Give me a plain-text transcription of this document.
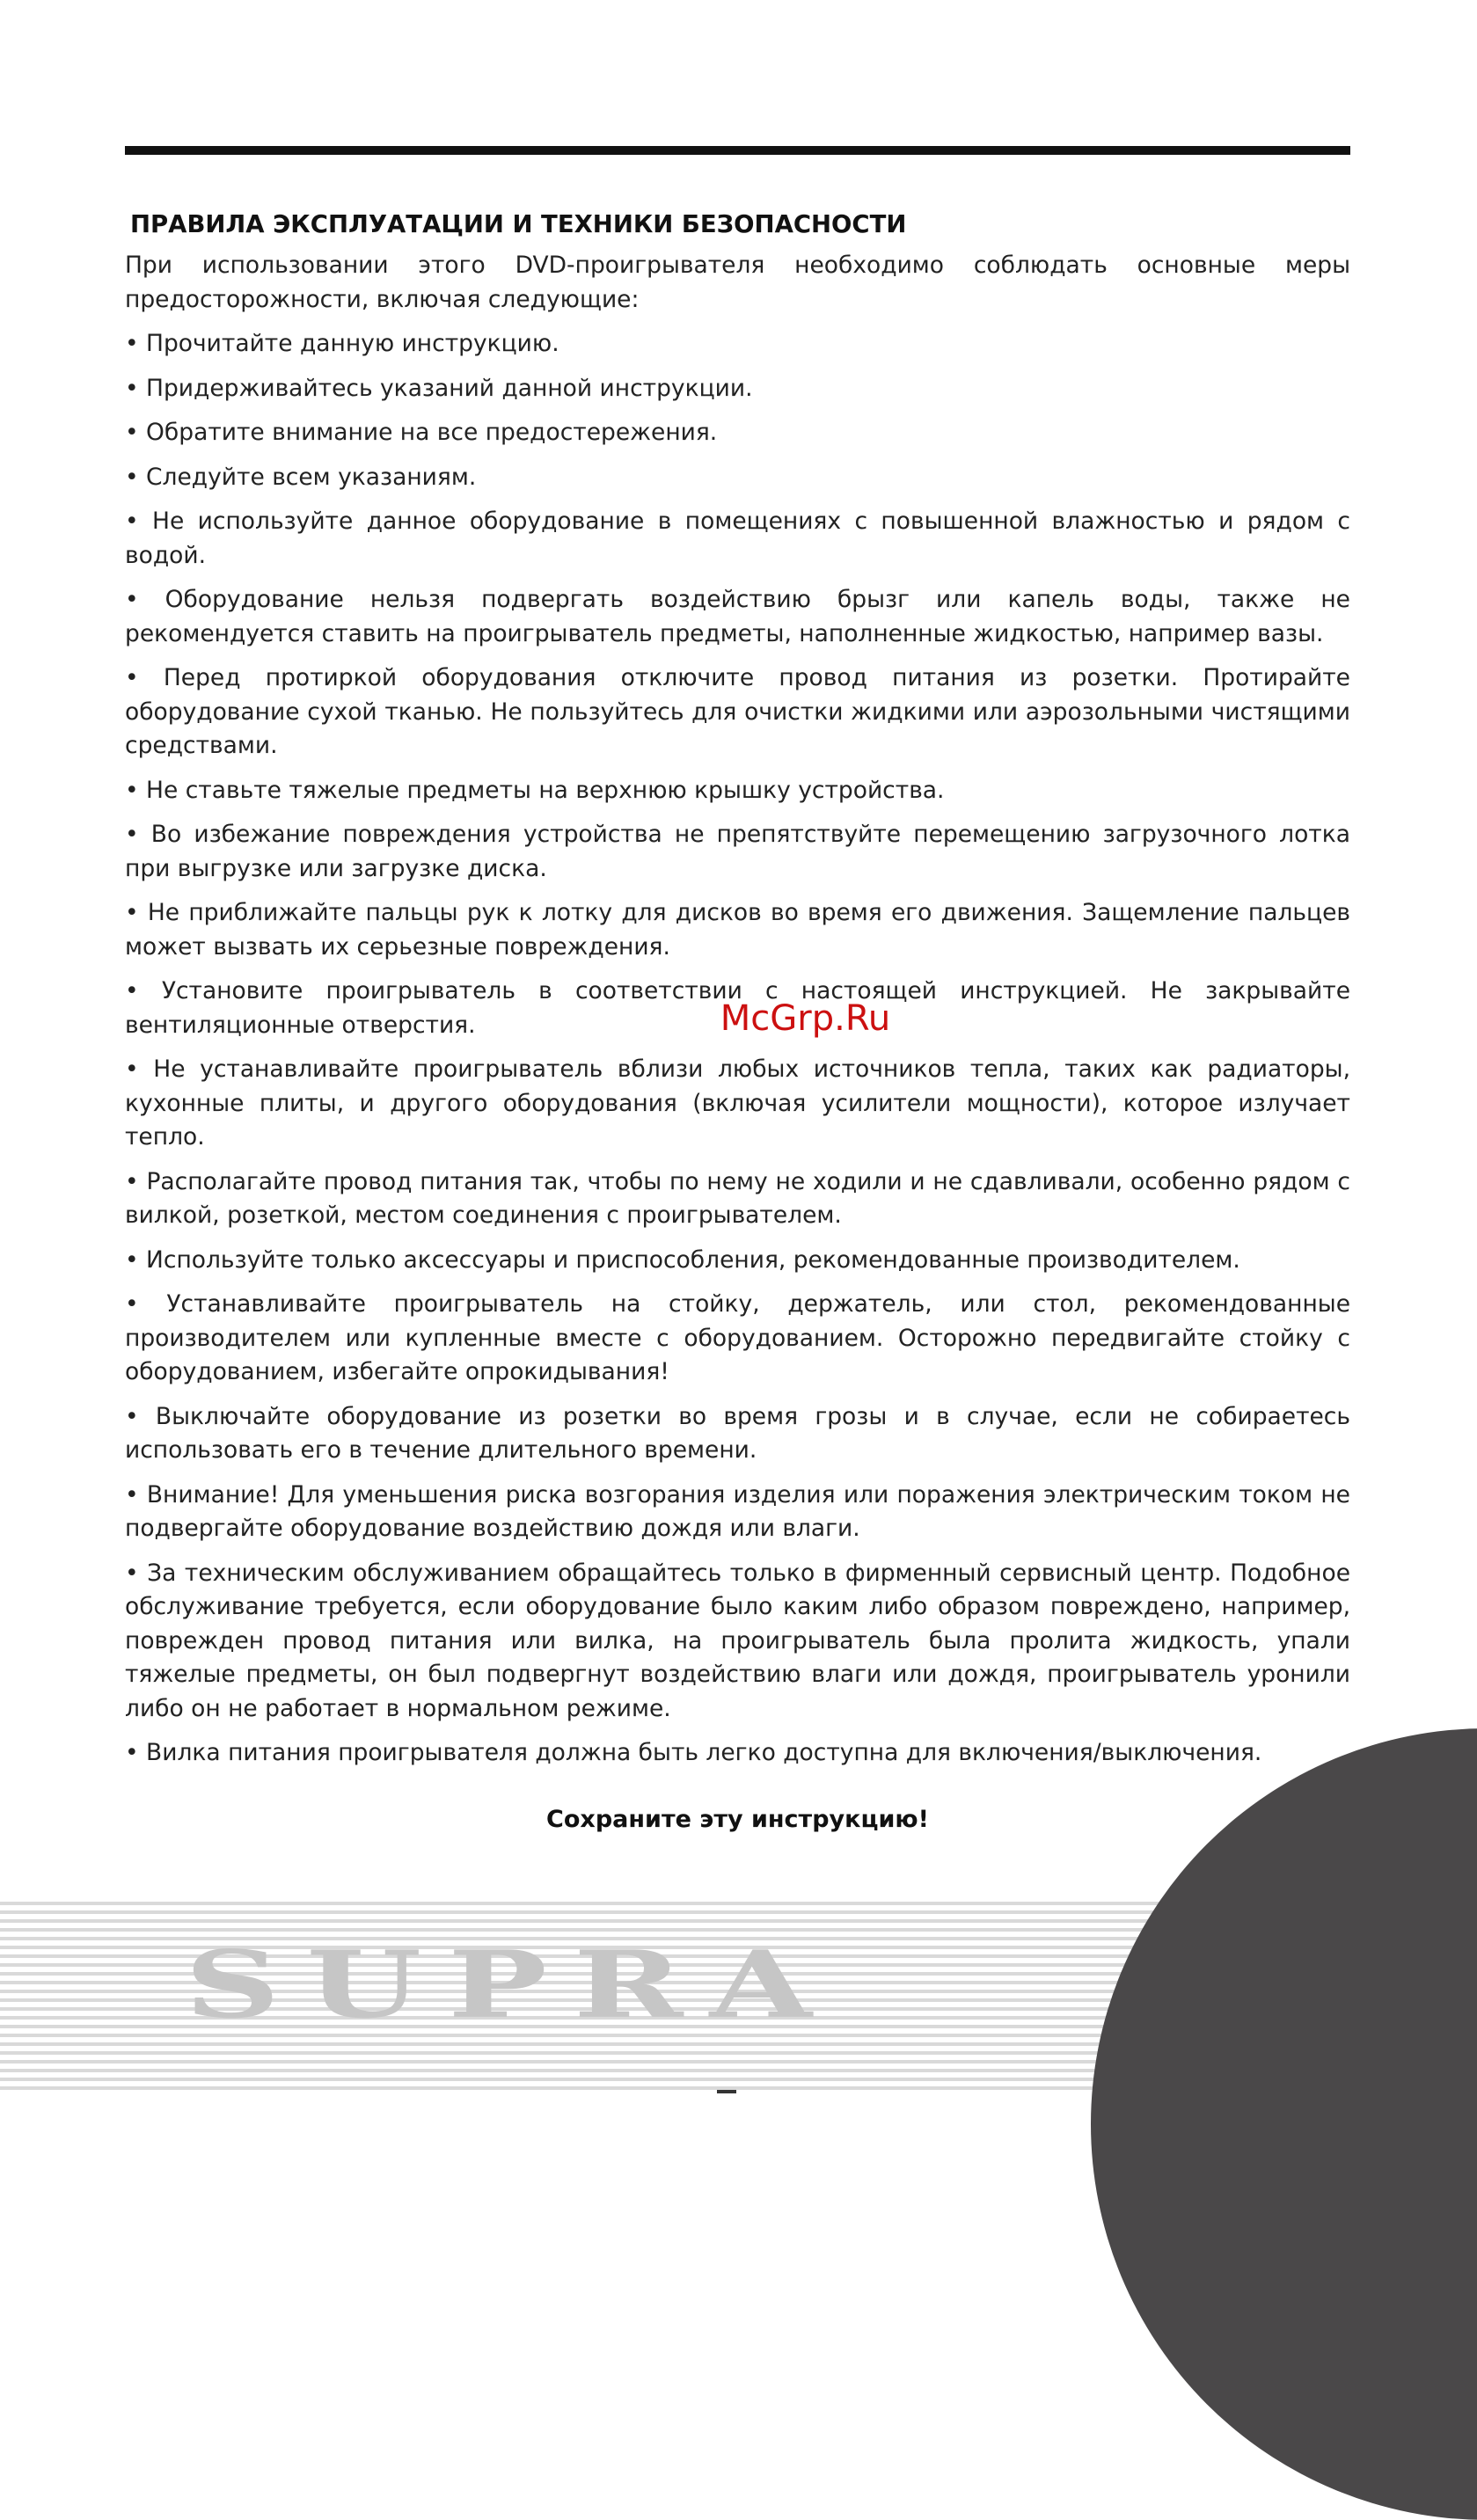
ПРАВИЛА ЭКСПЛУАТАЦИИ И ТЕХНИКИ БЕЗОПАСНОСТИ
При использовании этого DVD-проигрывателя необходимо соблюдать основные меры предосторожности, включая следующие:
• Прочитайте данную инструкцию.
• Придерживайтесь указаний данной инструкции.
• Обратите внимание на все предостережения.
• Следуйте всем указаниям.
• Не используйте данное оборудование в помещениях с повышенной влажностью и рядом с водой.
• Оборудование нельзя подвергать воздействию брызг или капель воды, также не рекомендуется ставить на проигрыватель предметы, наполненные жидкостью, например вазы.
• Перед протиркой оборудования отключите провод питания из розетки. Протирайте оборудование сухой тканью. Не пользуйтесь для очистки жидкими или аэрозольными чистящими средствами.
• Не ставьте тяжелые предметы на верхнюю крышку устройства.
• Во избежание повреждения устройства не препятствуйте перемещению загрузочного лотка при выгрузке или загрузке диска.
• Не приближайте пальцы рук к лотку для дисков во время его движения. Защемление пальцев может вызвать их серьезные повреждения.
• Установите проигрыватель в соответствии с настоящей инструкцией. Не закрывайте вентиляционные отверстия.
• Не устанавливайте проигрыватель вблизи любых источников тепла, таких как радиаторы, кухонные плиты, и другого оборудования (включая усилители мощности), которое излучает тепло.
• Располагайте провод питания так, чтобы по нему не ходили и не сдавливали, особенно рядом с вилкой, розеткой, местом соединения с проигрывателем.
• Используйте только аксессуары и приспособления, рекомендованные производителем.
• Устанавливайте проигрыватель на стойку, держатель, или стол, рекомендованные производителем или купленные вместе с оборудованием. Осторожно передвигайте стойку с оборудованием, избегайте опрокидывания!
• Выключайте оборудование из розетки во время грозы и в случае, если не собираетесь использовать его в течение длительного времени.
• Внимание! Для уменьшения риска возгорания изделия или поражения электрическим током не подвергайте оборудование воздействию дождя или влаги.
• За техническим обслуживанием обращайтесь только в фирменный сервисный центр. Подобное обслуживание требуется, если оборудование было каким либо образом повреждено, например, поврежден провод питания или вилка, на проигрыватель была пролита жидкость, упали тяжелые предметы, он был подвергнут воздействию влаги или дождя, проигрыватель уронили либо он не работает в нормальном режиме.
• Вилка питания проигрывателя должна быть легко доступна для включения/выключения.
Сохраните эту инструкцию!
McGrp.Ru
SUPRA
